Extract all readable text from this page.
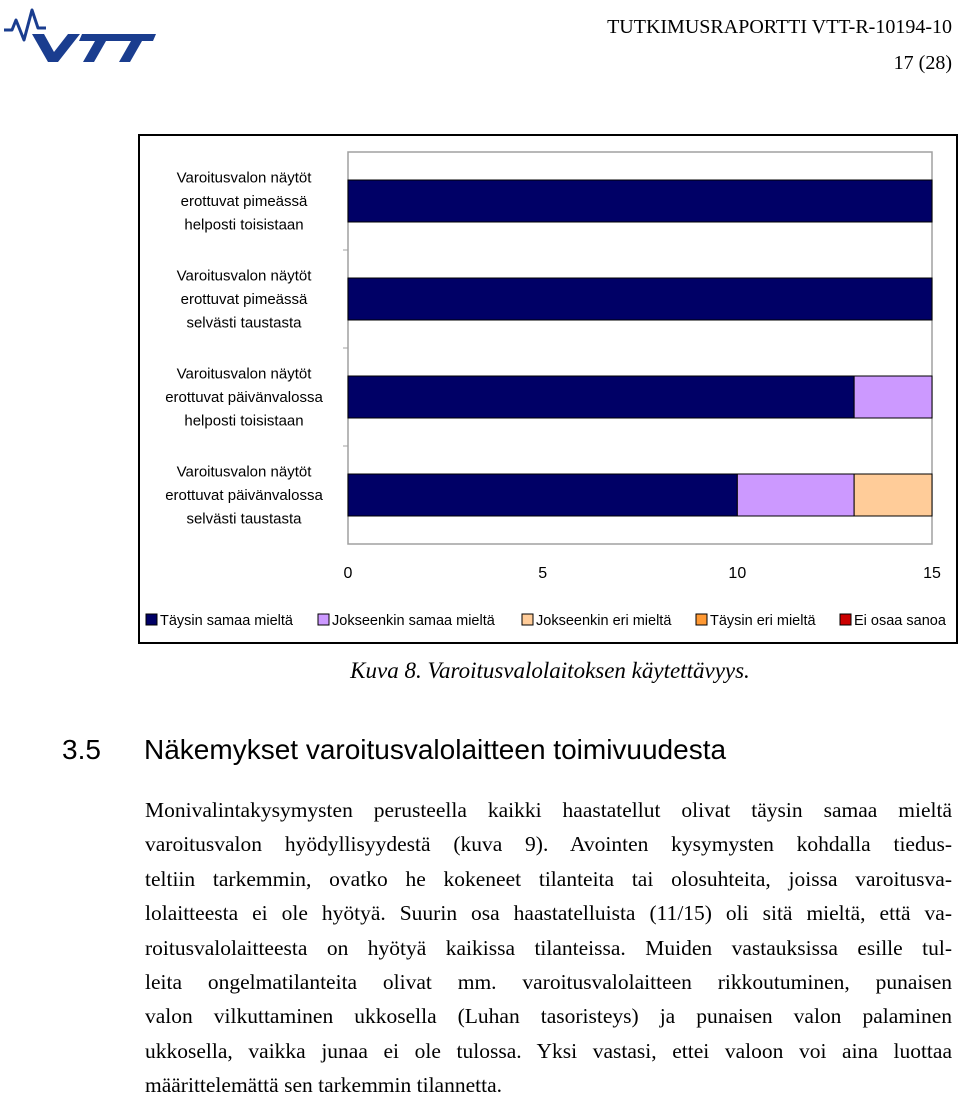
TUTKIMUSRAPORTTI VTT-R-10194-10
17 (28)
Varoitusvalon näytöt erottuvat pimeässä helposti toisistaan
Varoitusvalon näytöt erottuvat pimeässä selvästi taustasta
Varoitusvalon näytöt erottuvat päivänvalossa helposti toisistaan
Varoitusvalon näytöt erottuvat päivänvalossa selvästi taustasta
0	5	10	15
Täysin samaa mieltä	Jokseenkin samaa mieltä	Jokseenkin eri mieltä	Täysin eri mieltä	Ei osaa sanoa
Kuva 8. Varoitusvalolaitoksen käytettävyys.
3.5 Näkemykset varoitusvalolaitteen toimivuudesta
Monivalintakysymysten perusteella kaikki haastatellut olivat täysin samaa mieltä
varoitusvalon hyödyllisyydestä (kuva 9). Avointen kysymysten kohdalla tiedus-
teltiin tarkemmin, ovatko he kokeneet tilanteita tai olosuhteita, joissa varoitusva-
lolaitteesta ei ole hyötyä. Suurin osa haastatelluista (11/15) oli sitä mieltä, että va-
roitusvalolaitteesta on hyötyä kaikissa tilanteissa. Muiden vastauksissa esille tul-
leita ongelmatilanteita olivat mm. varoitusvalolaitteen rikkoutuminen, punaisen
valon vilkuttaminen ukkosella (Luhan tasoristeys) ja punaisen valon palaminen
ukkosella, vaikka junaa ei ole tulossa. Yksi vastasi, ettei valoon voi aina luottaa
määrittelemättä sen tarkemmin tilannetta.
